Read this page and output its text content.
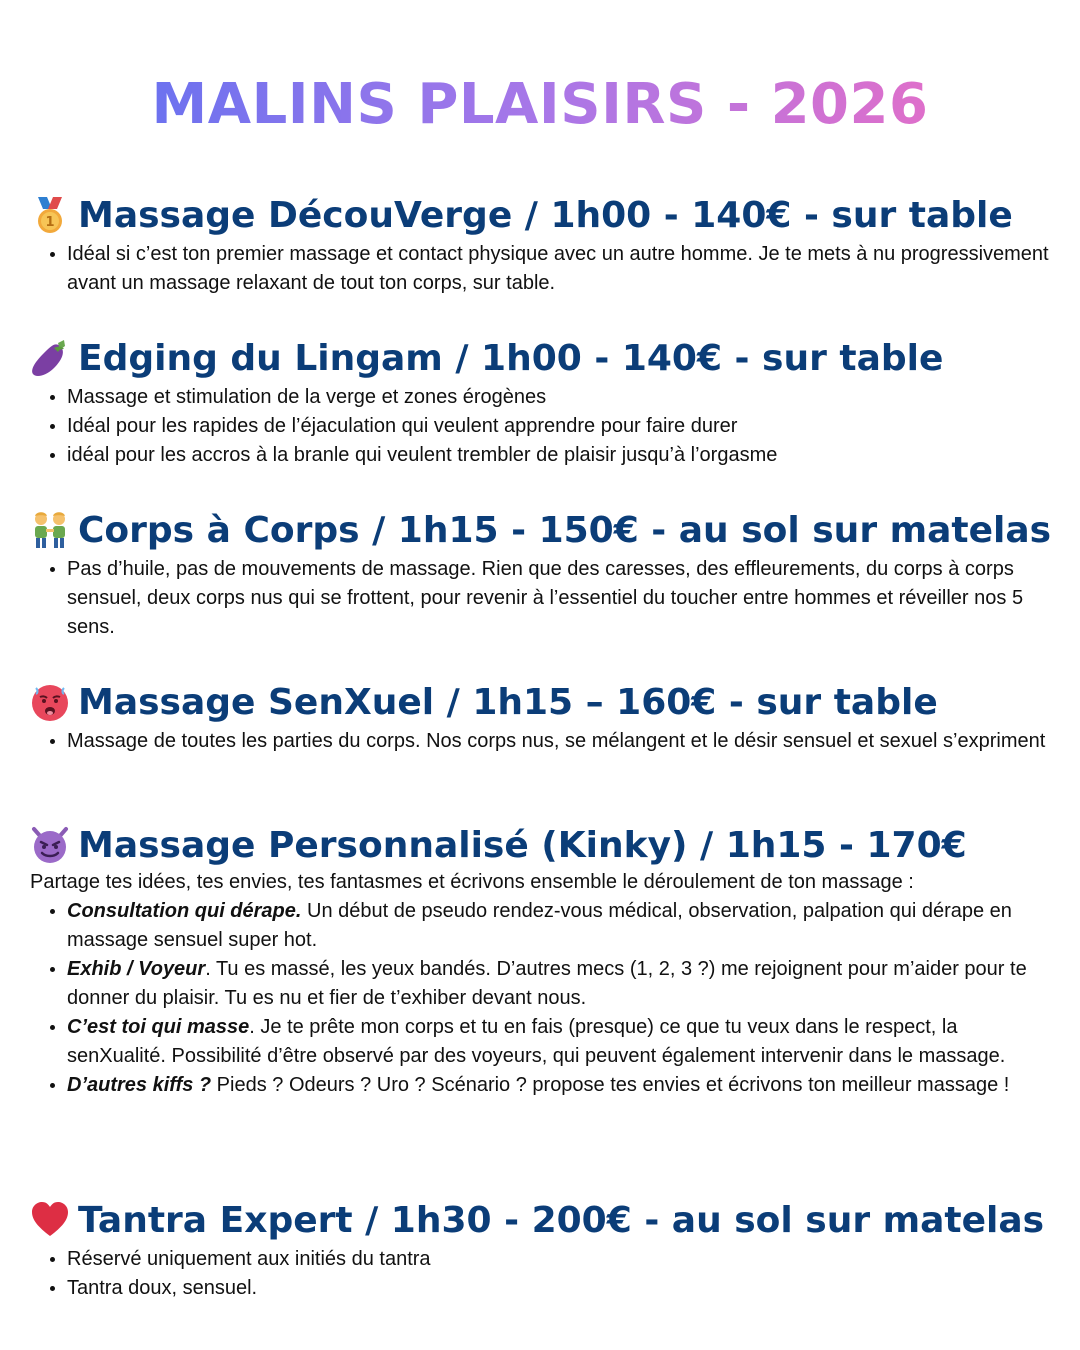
MALINS PLAISIRS - 2026
1 Massage DécouVerge / 1h00 - 140€ - sur table
• Idéal si c’est ton premier massage et contact physique avec un autre homme. Je te mets à nu progressivement avant un massage relaxant de tout ton corps, sur table.
Edging du Lingam / 1h00 - 140€ - sur table
• Massage et stimulation de la verge et zones érogènes
• Idéal pour les rapides de l’éjaculation qui veulent apprendre pour faire durer
• idéal pour les accros à la branle qui veulent trembler de plaisir jusqu’à l’orgasme
Corps à Corps / 1h15 - 150€ - au sol sur matelas
• Pas d’huile, pas de mouvements de massage. Rien que des caresses, des effleurements, du corps à corps sensuel, deux corps nus qui se frottent, pour revenir à l’essentiel du toucher entre hommes et réveiller nos 5 sens.
Massage SenXuel / 1h15 – 160€ - sur table
• Massage de toutes les parties du corps. Nos corps nus, se mélangent et le désir sensuel et sexuel s’expriment
Massage Personnalisé (Kinky) / 1h15 - 170€

Partage tes idées, tes envies, tes fantasmes et écrivons ensemble le déroulement de ton massage :

• Consultation qui dérape. Un début de pseudo rendez-vous médical, observation, palpation qui dérape en massage sensuel super hot.
• Exhib / Voyeur. Tu es massé, les yeux bandés. D’autres mecs (1, 2, 3 ?) me rejoignent pour m’aider pour te donner du plaisir. Tu es nu et fier de t’exhiber devant nous.
• C’est toi qui masse. Je te prête mon corps et tu en fais (presque) ce que tu veux dans le respect, la senXualité. Possibilité d’être observé par des voyeurs, qui peuvent également intervenir dans le massage.
• D’autres kiffs ? Pieds ? Odeurs ? Uro ? Scénario ? propose tes envies et écrivons ton meilleur massage !
Tantra Expert / 1h30 - 200€ - au sol sur matelas
• Réservé uniquement aux initiés du tantra
• Tantra doux, sensuel.
